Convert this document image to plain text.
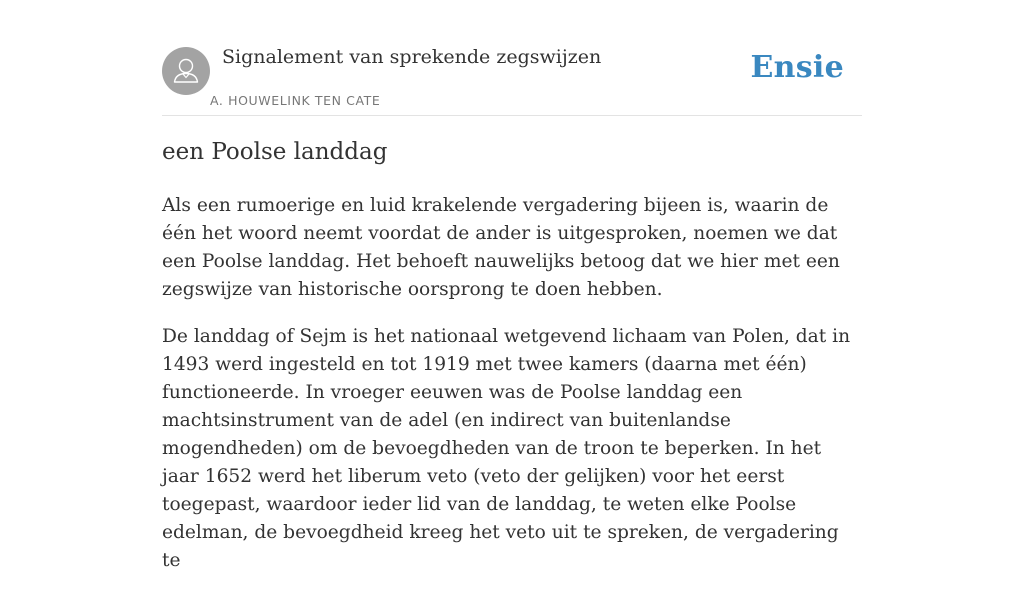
Signalement van sprekende zegswijzen
A. HOUWELINK TEN CATE
Ensie
een Poolse landdag

Als een rumoerige en luid krakelende vergadering bijeen is, waarin de één het woord neemt voordat de ander is uitgesproken, noemen we dat een Poolse landdag. Het behoeft nauwelijks betoog dat we hier met een zegswijze van historische oorsprong te doen hebben.

De landdag of Sejm is het nationaal wetgevend lichaam van Polen, dat in 1493 werd ingesteld en tot 1919 met twee kamers (daarna met één) functioneerde. In vroeger eeuwen was de Poolse landdag een machtsinstrument van de adel (en indirect van buitenlandse mogendheden) om de bevoegdheden van de troon te beperken. In het jaar 1652 werd het liberum veto (veto der gelijken) voor het eerst toegepast, waardoor ieder lid van de landdag, te weten elke Poolse edelman, de bevoegdheid kreeg het veto uit te spreken, de vergadering te
